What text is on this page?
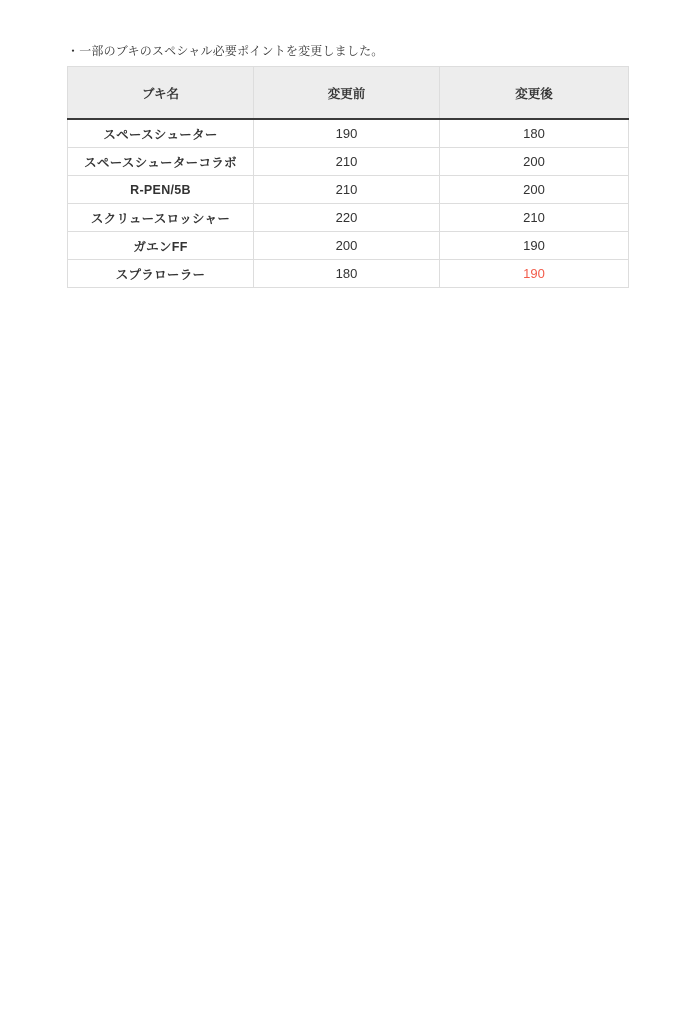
・一部のブキのスペシャル必要ポイントを変更しました。

ブキ名	変更前	変更後
スペースシューター	190	180
スペースシューターコラボ	210	200
R-PEN/5B	210	200
スクリュースロッシャー	220	210
ガエンFF	200	190
スプラローラー	180	190
